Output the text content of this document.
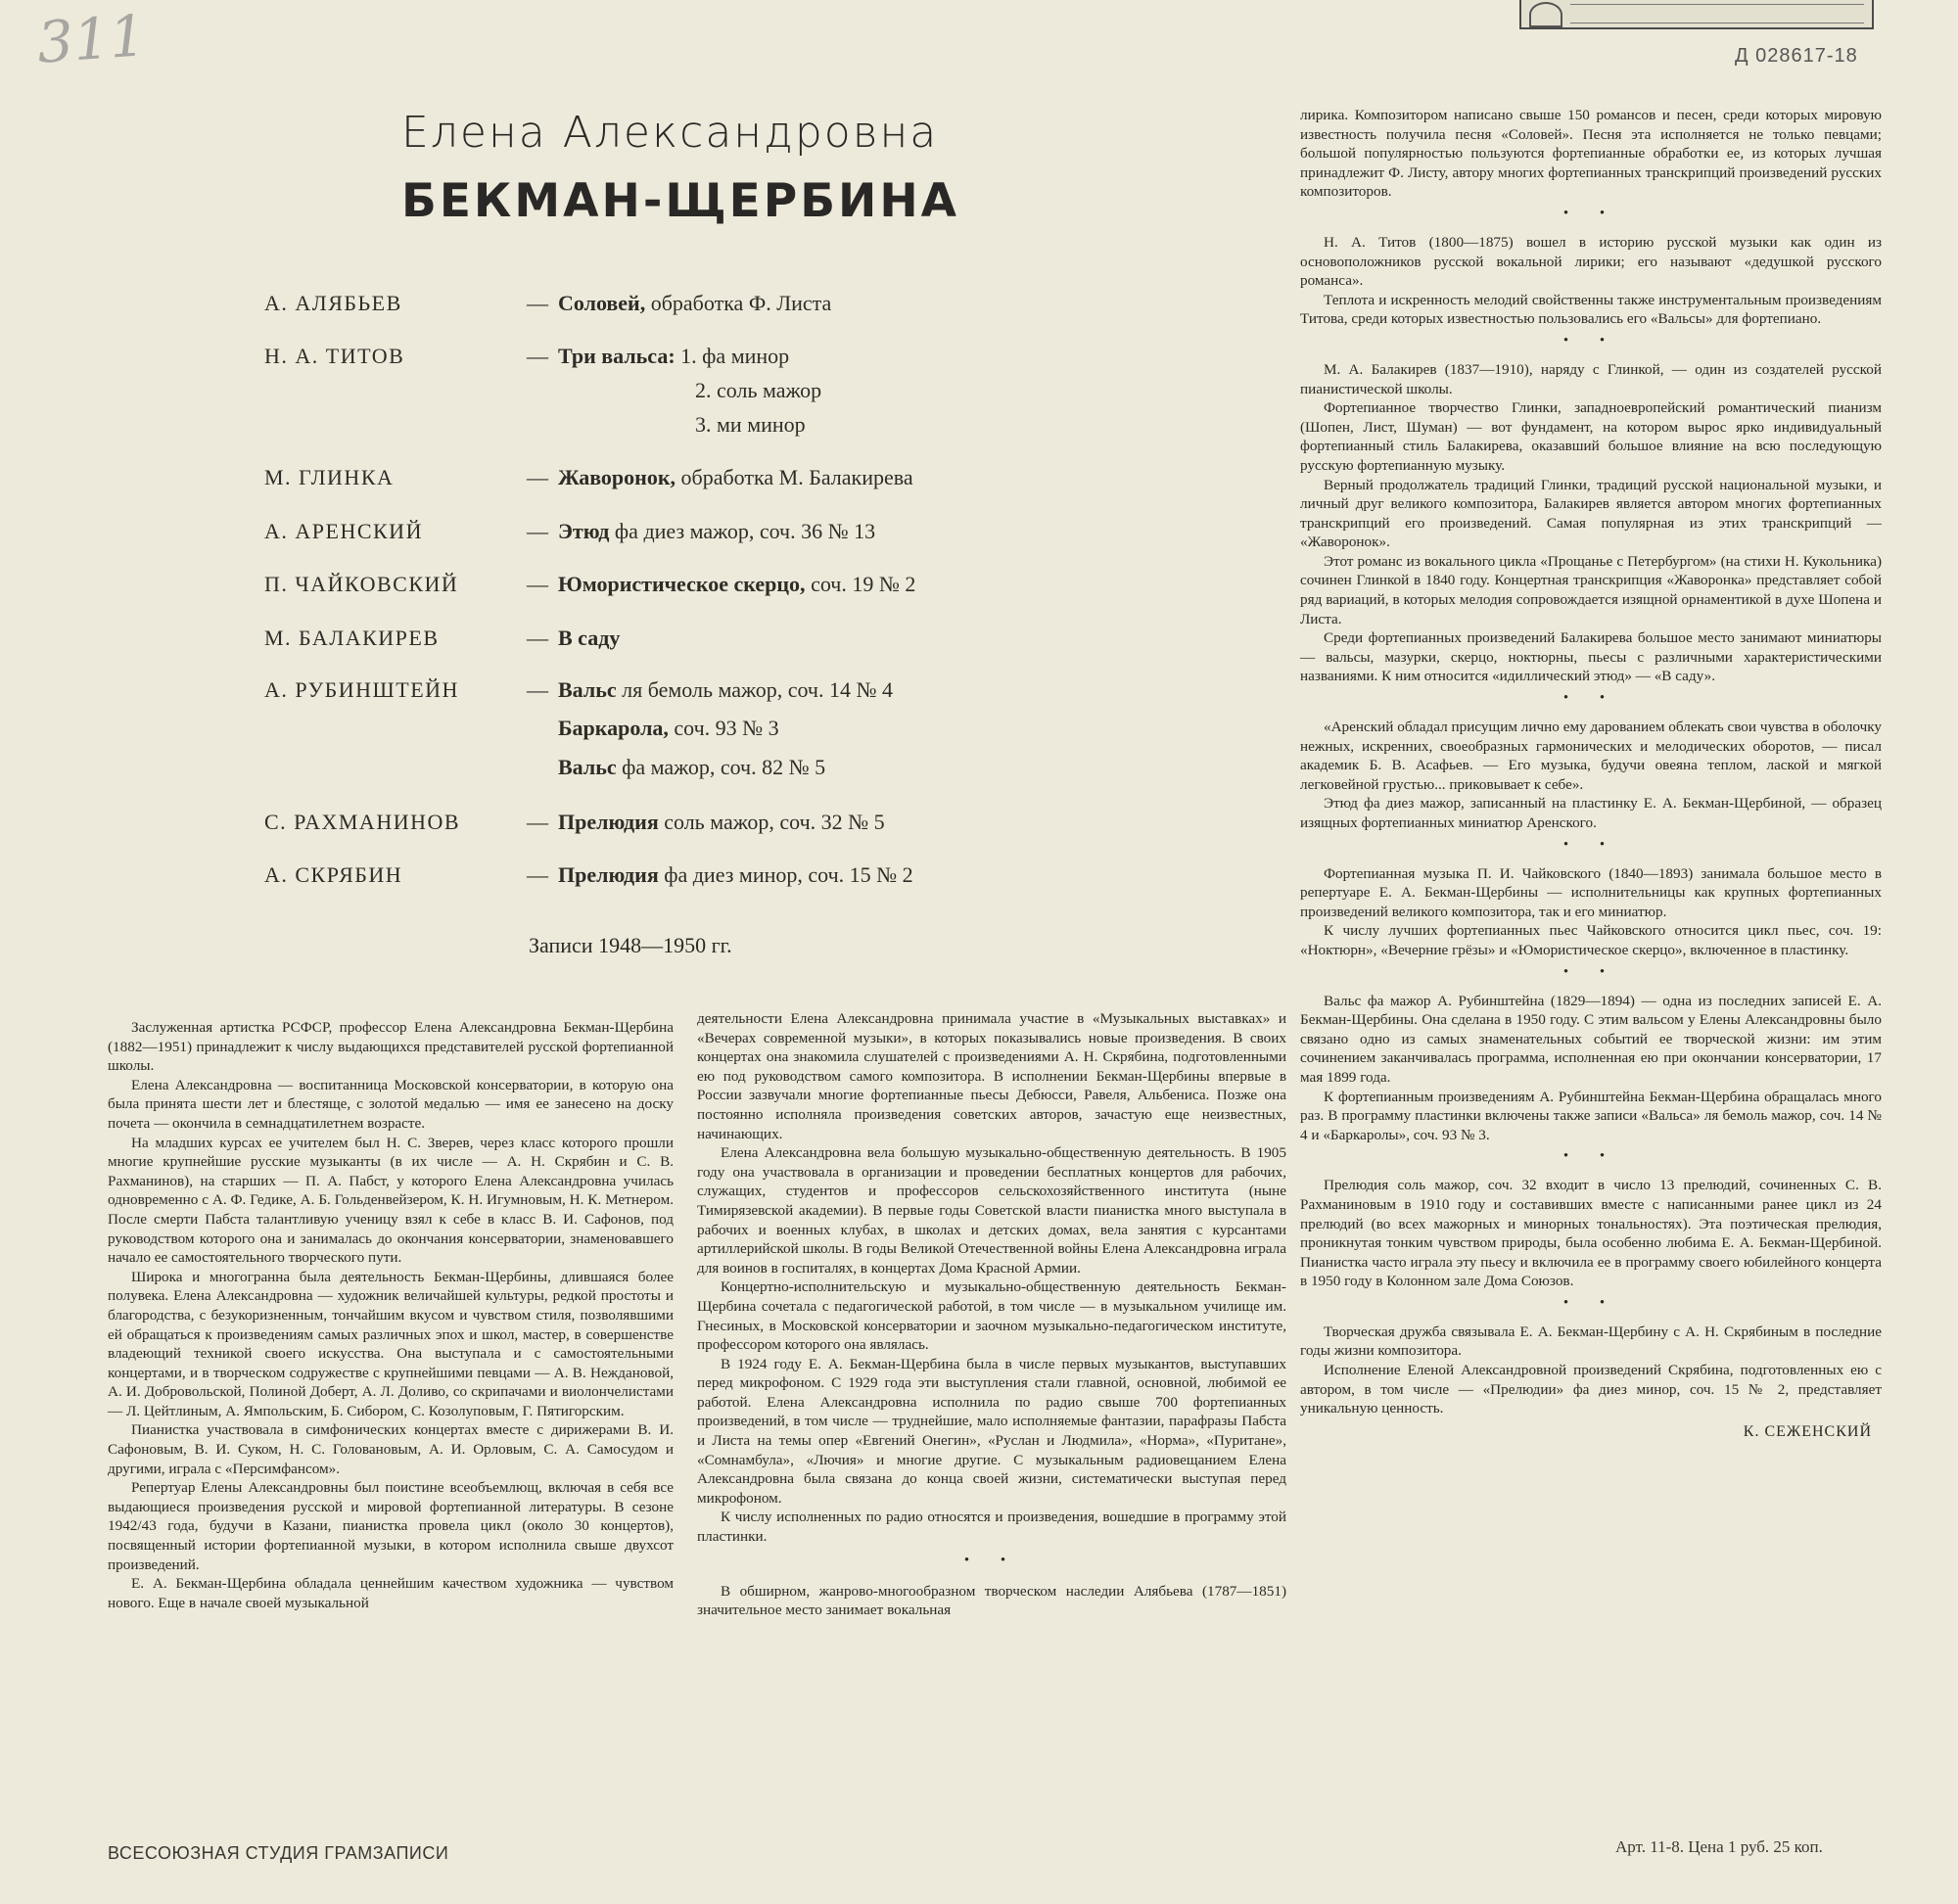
311	Д 028617-18
Елена Александровна
БЕКМАН-ЩЕРБИНА
А. АЛЯБЬЕВ	— Соловей, обработка Ф. Листа
Н. А. ТИТОВ	— Три вальса: 1. фа минор
2. соль мажор
3. ми минор
М. ГЛИНКА	— Жаворонок, обработка М. Балакирева
А. АРЕНСКИЙ	— Этюд фа диез мажор, соч. 36 № 13
П. ЧАЙКОВСКИЙ	— Юмористическое скерцо, соч. 19 № 2
М. БАЛАКИРЕВ	— В саду
А. РУБИНШТЕЙН	— Вальс ля бемоль мажор, соч. 14 № 4
Баркарола, соч. 93 № 3
Вальс фа мажор, соч. 82 № 5
С. РАХМАНИНОВ	— Прелюдия соль мажор, соч. 32 № 5
А. СКРЯБИН	— Прелюдия фа диез минор, соч. 15 № 2
Записи 1948—1950 гг.

Заслуженная артистка РСФСР, профессор Елена Александровна Бекман-Щербина (1882—1951) принадлежит к числу выдающихся представителей русской фортепианной школы.

Елена Александровна — воспитанница Московской консерватории, в которую она была принята шести лет и блестяще, с золотой медалью — имя ее занесено на доску почета — окончила в семнадцатилетнем возрасте.

На младших курсах ее учителем был Н. С. Зверев, через класс которого прошли многие крупнейшие русские музыканты (в их числе — А. Н. Скрябин и С. В. Рахманинов), на старших — П. А. Пабст, у которого Елена Александровна училась одновременно с А. Ф. Гедике, А. Б. Гольденвейзером, К. Н. Игумновым, Н. К. Метнером. После смерти Пабста талантливую ученицу взял к себе в класс В. И. Сафонов, под руководством которого она и занималась до окончания консерватории, знаменовавшего начало ее самостоятельного творческого пути.

Широка и многогранна была деятельность Бекман-Щербины, длившаяся более полувека. Елена Александровна — художник величайшей культуры, редкой простоты и благородства, с безукоризненным, тончайшим вкусом и чувством стиля, позволявшими ей обращаться к произведениям самых различных эпох и школ, мастер, в совершенстве владеющий техникой своего искусства. Она выступала и с самостоятельными концертами, и в творческом содружестве с крупнейшими певцами — А. В. Неждановой, А. И. Добровольской, Полиной Доберт, А. Л. Доливо, со скрипачами и виолончелистами — Л. Цейтлиным, А. Ямпольским, Б. Сибором, С. Козолуповым, Г. Пятигорским.

Пианистка участвовала в симфонических концертах вместе с дирижерами В. И. Сафоновым, В. И. Суком, Н. С. Головановым, А. И. Орловым, С. А. Самосудом и другими, играла с «Персимфансом».

Репертуар Елены Александровны был поистине всеобъемлющ, включая в себя все выдающиеся произведения русской и мировой фортепианной литературы. В сезоне 1942/43 года, будучи в Казани, пианистка провела цикл (около 30 концертов), посвященный истории фортепианной музыки, в котором исполнила свыше двухсот произведений.

Е. А. Бекман-Щербина обладала ценнейшим качеством художника — чувством нового. Еще в начале своей музыкальной

деятельности Елена Александровна принимала участие в «Музыкальных выставках» и «Вечерах современной музыки», в которых показывались новые произведения. В своих концертах она знакомила слушателей с произведениями А. Н. Скрябина, подготовленными ею под руководством самого композитора. В исполнении Бекман-Щербины впервые в России зазвучали многие фортепианные пьесы Дебюсси, Равеля, Альбениса. Позже она постоянно исполняла произведения советских авторов, зачастую еще неизвестных, начинающих.

Елена Александровна вела большую музыкально-общественную деятельность. В 1905 году она участвовала в организации и проведении бесплатных концертов для рабочих, служащих, студентов и профессоров сельскохозяйственного института (ныне Тимирязевской академии). В первые годы Советской власти пианистка много выступала в рабочих и военных клубах, в школах и детских домах, вела занятия с курсантами артиллерийской школы. В годы Великой Отечественной войны Елена Александровна играла для воинов в госпиталях, в концертах Дома Красной Армии.

Концертно-исполнительскую и музыкально-общественную деятельность Бекман-Щербина сочетала с педагогической работой, в том числе — в музыкальном училище им. Гнесиных, в Московской консерватории и заочном музыкально-педагогическом институте, профессором которого она являлась.

В 1924 году Е. А. Бекман-Щербина была в числе первых музыкантов, выступавших перед микрофоном. С 1929 года эти выступления стали главной, основной, любимой ее работой. Елена Александровна исполнила по радио свыше 700 фортепианных произведений, в том числе — труднейшие, мало исполняемые фантазии, парафразы Пабста и Листа на темы опер «Евгений Онегин», «Руслан и Людмила», «Норма», «Пуритане», «Сомнамбула», «Лючия» и многие другие. С музыкальным радиовещанием Елена Александровна была связана до конца своей жизни, систематически выступая перед микрофоном.

К числу исполненных по радио относятся и произведения, вошедшие в программу этой пластинки.

• •

В обширном, жанрово-многообразном творческом наследии Алябьева (1787—1851) значительное место занимает вокальная

лирика. Композитором написано свыше 150 романсов и песен, среди которых мировую известность получила песня «Соловей». Песня эта исполняется не только певцами; большой популярностью пользуются фортепианные обработки ее, из которых лучшая принадлежит Ф. Листу, автору многих фортепианных транскрипций произведений русских композиторов.

• •

Н. А. Титов (1800—1875) вошел в историю русской музыки как один из основоположников русской вокальной лирики; его называют «дедушкой русского романса».

Теплота и искренность мелодий свойственны также инструментальным произведениям Титова, среди которых известностью пользовались его «Вальсы» для фортепиано.

• •

М. А. Балакирев (1837—1910), наряду с Глинкой, — один из создателей русской пианистической школы.

Фортепианное творчество Глинки, западноевропейский романтический пианизм (Шопен, Лист, Шуман) — вот фундамент, на котором вырос ярко индивидуальный фортепианный стиль Балакирева, оказавший большое влияние на всю последующую русскую фортепианную музыку.

Верный продолжатель традиций Глинки, традиций русской национальной музыки, и личный друг великого композитора, Балакирев является автором многих фортепианных транскрипций его произведений. Самая популярная из этих транскрипций — «Жаворонок».

Этот романс из вокального цикла «Прощанье с Петербургом» (на стихи Н. Кукольника) сочинен Глинкой в 1840 году. Концертная транскрипция «Жаворонка» представляет собой ряд вариаций, в которых мелодия сопровождается изящной орнаментикой в духе Шопена и Листа.

Среди фортепианных произведений Балакирева большое место занимают миниатюры — вальсы, мазурки, скерцо, ноктюрны, пьесы с различными характеристическими названиями. К ним относится «идиллический этюд» — «В саду».

• •

«Аренский обладал присущим лично ему дарованием облекать свои чувства в оболочку нежных, искренних, своеобразных гармонических и мелодических оборотов, — писал академик Б. В. Асафьев. — Его музыка, будучи овеяна теплом, лаской и мягкой легковейной грустью... приковывает к себе».

Этюд фа диез мажор, записанный на пластинку Е. А. Бекман-Щербиной, — образец изящных фортепианных миниатюр Аренского.

• •

Фортепианная музыка П. И. Чайковского (1840—1893) занимала большое место в репертуаре Е. А. Бекман-Щербины — исполнительницы как крупных фортепианных произведений великого композитора, так и его миниатюр.

К числу лучших фортепианных пьес Чайковского относится цикл пьес, соч. 19: «Ноктюрн», «Вечерние грёзы» и «Юмористическое скерцо», включенное в пластинку.

• •

Вальс фа мажор А. Рубинштейна (1829—1894) — одна из последних записей Е. А. Бекман-Щербины. Она сделана в 1950 году. С этим вальсом у Елены Александровны было связано одно из самых знаменательных событий ее творческой жизни: им этим сочинением заканчивалась программа, исполненная ею при окончании консерватории, 17 мая 1899 года.

К фортепианным произведениям А. Рубинштейна Бекман-Щербина обращалась много раз. В программу пластинки включены также записи «Вальса» ля бемоль мажор, соч. 14 № 4 и «Баркаролы», соч. 93 № 3.

• •

Прелюдия соль мажор, соч. 32 входит в число 13 прелюдий, сочиненных С. В. Рахманиновым в 1910 году и составивших вместе с написанными ранее цикл из 24 прелюдий (во всех мажорных и минорных тональностях). Эта поэтическая прелюдия, проникнутая тонким чувством природы, была особенно любима Е. А. Бекман-Щербиной. Пианистка часто играла эту пьесу и включила ее в программу своего юбилейного концерта в 1950 году в Колонном зале Дома Союзов.

• •

Творческая дружба связывала Е. А. Бекман-Щербину с А. Н. Скрябиным в последние годы жизни композитора.

Исполнение Еленой Александровной произведений Скрябина, подготовленных ею с автором, в том числе — «Прелюдии» фа диез минор, соч. 15 № 2, представляет уникальную ценность.

К. СЕЖЕНСКИЙ
ВСЕСОЮЗНАЯ СТУДИЯ ГРАМЗАПИСИ	Арт. 11-8. Цена 1 руб. 25 коп.
